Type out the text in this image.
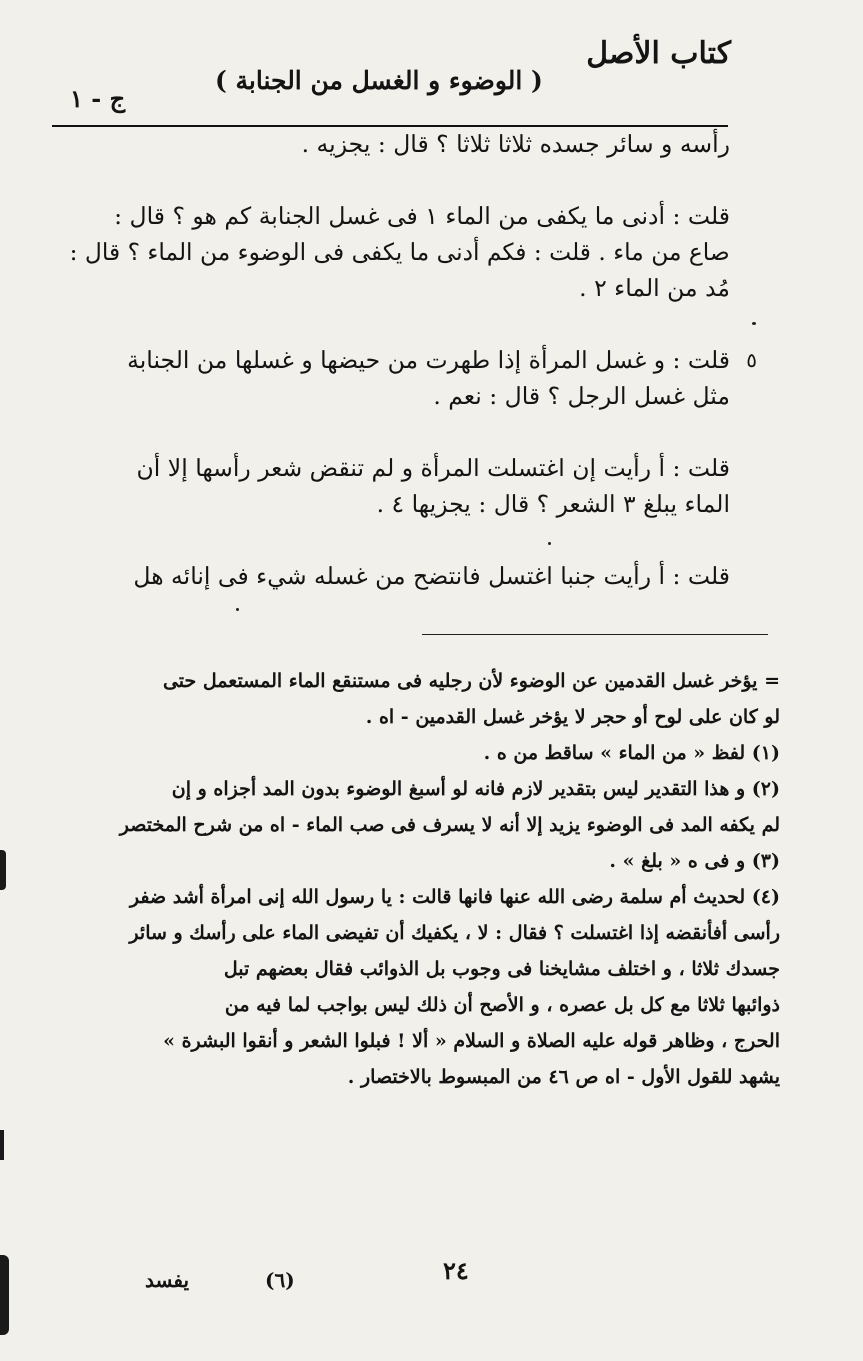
كتاب الأصل
( الوضوء و الغسل من الجنابة )
ج - ١
رأسه و سائر جسده ثلاثا ثلاثا ؟ قال : يجزيه .
قلت : أدنى ما يكفى من الماء ١ فى غسل الجنابة كم هو ؟ قال :
صاع من ماء . قلت : فكم أدنى ما يكفى فى الوضوء من الماء ؟ قال :
مُد من الماء ٢ .
قلت : و غسل المرأة إذا طهرت من حيضها و غسلها من الجنابة ٥
مثل غسل الرجل ؟ قال : نعم .
قلت : أ رأيت إن اغتسلت المرأة و لم تنقض شعر رأسها إلا أن
الماء يبلغ ٣ الشعر ؟ قال : يجزيها ٤ .
قلت : أ رأيت جنبا اغتسل فانتضح من غسله شيء فى إنائه هل
= يؤخر غسل القدمين عن الوضوء لأن رجليه فى مستنقع الماء المستعمل حتى
لو كان على لوح أو حجر لا يؤخر غسل القدمين - اه .
(١) لفظ « من الماء » ساقط من ه .
(٢) و هذا التقدير ليس بتقدير لازم فانه لو أسبغ الوضوء بدون المد أجزاه و إن
لم يكفه المد فى الوضوء يزيد إلا أنه لا يسرف فى صب الماء - اه من شرح المختصر
(٣) و فى ه « بلغ » .
(٤) لحديث أم سلمة رضى الله عنها فانها قالت : يا رسول الله إنى امرأة أشد ضفر
رأسى أفأنقضه إذا اغتسلت ؟ فقال : لا ، يكفيك أن تفيضى الماء على رأسك و سائر
جسدك ثلاثا ، و اختلف مشايخنا فى وجوب بل الذوائب فقال بعضهم تبل
ذوائبها ثلاثا مع كل بل عصره ، و الأصح أن ذلك ليس بواجب لما فيه من
الحرج ، وظاهر قوله عليه الصلاة و السلام « ألا ! فبلوا الشعر و أنقوا البشرة »
يشهد للقول الأول - اه ص ٤٦ من المبسوط بالاختصار .
يفسد	(٦)	٢٤
